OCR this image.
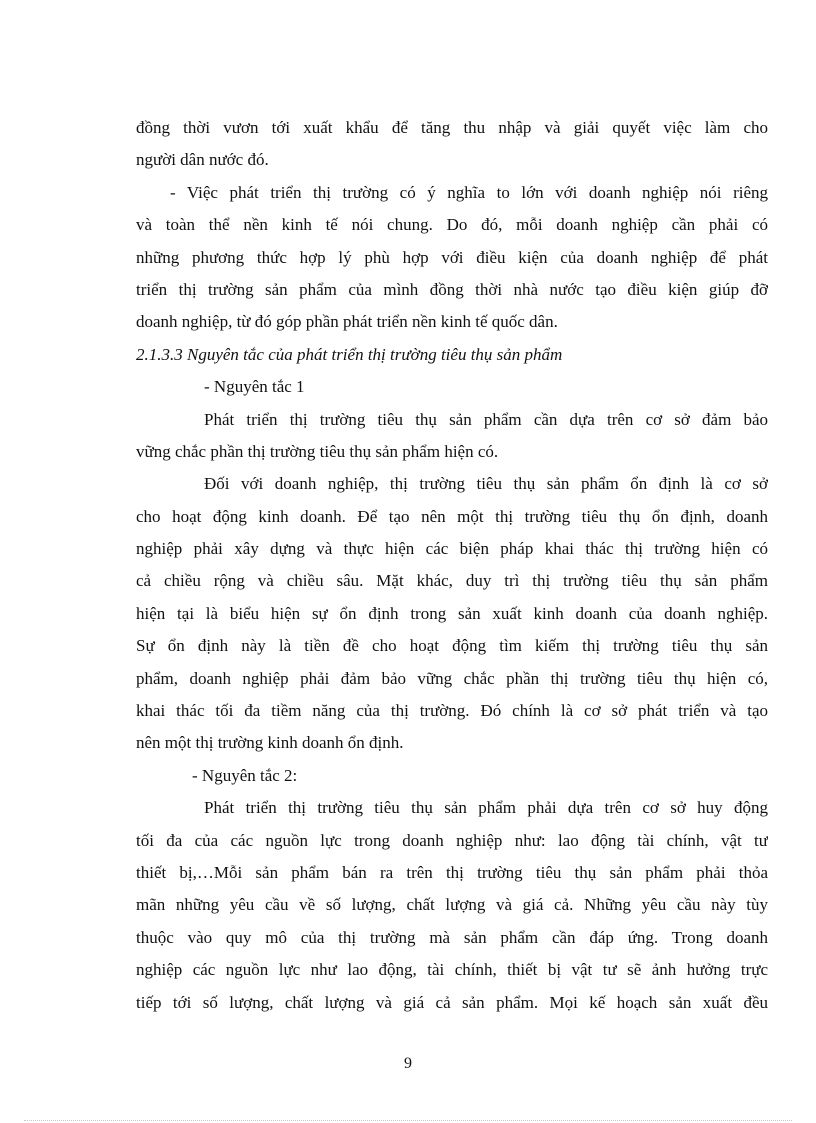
đồng thời vươn tới xuất khẩu để tăng thu nhập và giải quyết việc làm cho
người dân nước đó.
- Việc phát triển thị trường có ý nghĩa to lớn với doanh nghiệp nói riêng
và toàn thể nền kinh tế nói chung. Do đó, mỗi doanh nghiệp cần phải có
những phương thức hợp lý phù hợp với điều kiện của doanh nghiệp để phát
triển thị trường sản phẩm của mình đồng thời nhà nước tạo điều kiện giúp đỡ
doanh nghiệp, từ đó góp phần phát triển nền kinh tế quốc dân.
2.1.3.3 Nguyên tắc của phát triển thị trường tiêu thụ sản phẩm
- Nguyên tắc 1
Phát triển thị trường tiêu thụ sản phẩm cần dựa trên cơ sở đảm bảo
vững chắc phần thị trường tiêu thụ sản phẩm hiện có.
Đối với doanh nghiệp, thị trường tiêu thụ sản phẩm ổn định là cơ sở
cho hoạt động kinh doanh. Để tạo nên một thị trường tiêu thụ ổn định, doanh
nghiệp phải xây dựng và thực hiện các biện pháp khai thác thị trường hiện có
cả chiều rộng và chiều sâu. Mặt khác, duy trì thị trường tiêu thụ sản phẩm
hiện tại là biểu hiện sự ổn định trong sản xuất kinh doanh của doanh nghiệp.
Sự ổn định này là tiền đề cho hoạt động tìm kiếm thị trường tiêu thụ sản
phẩm, doanh nghiệp phải đảm bảo vững chắc phần thị trường tiêu thụ hiện có,
khai thác tối đa tiềm năng của thị trường. Đó chính là cơ sở phát triển và tạo
nên một thị trường kinh doanh ổn định.
- Nguyên tắc 2:
Phát triển thị trường tiêu thụ sản phẩm phải dựa trên cơ sở huy động
tối đa của các nguồn lực trong doanh nghiệp như: lao động tài chính, vật tư
thiết bị,…Mỗi sản phẩm bán ra trên thị trường tiêu thụ sản phẩm phải thỏa
mãn những yêu cầu về số lượng, chất lượng và giá cả. Những yêu cầu này tùy
thuộc vào quy mô của thị trường mà sản phẩm cần đáp ứng. Trong doanh
nghiệp các nguồn lực như lao động, tài chính, thiết bị vật tư sẽ ảnh hưởng trực
tiếp tới số lượng, chất lượng và giá cả sản phẩm. Mọi kế hoạch sản xuất đều
9
